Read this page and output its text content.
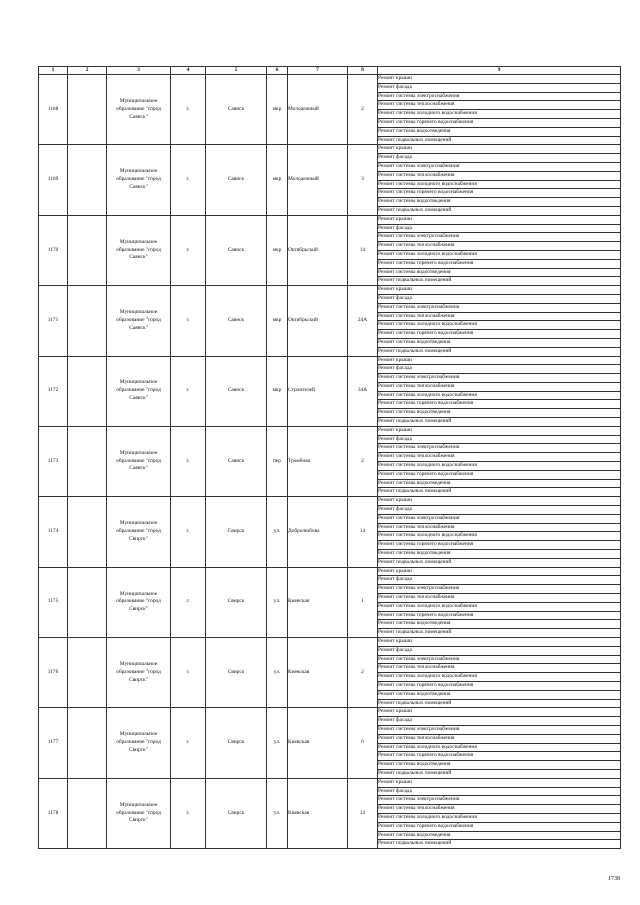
1	2	3	4	5	6	7	8	9
1168		Муниципальное образование "город Саянск"	г.	Саянск	мкр	Молодежный	2	Ремонт крыши
								Ремонт фасада
								Ремонт системы электроснабжения
								Ремонт системы теплоснабжения
								Ремонт системы холодного водоснабжения
								Ремонт системы горячего водоснабжения
								Ремонт системы водоотведения
								Ремонт подвальных помещений
1169		Муниципальное образование "город Саянск"	г.	Саянск	мкр	Молодежный	3	Ремонт крыши
								Ремонт фасада
								Ремонт системы электроснабжения
								Ремонт системы теплоснабжения
								Ремонт системы холодного водоснабжения
								Ремонт системы горячего водоснабжения
								Ремонт системы водоотведения
								Ремонт подвальных помещений
1170		Муниципальное образование "город Саянск"	г.	Саянск	мкр	Октябрьский	14	Ремонт крыши
								Ремонт фасада
								Ремонт системы электроснабжения
								Ремонт системы теплоснабжения
								Ремонт системы холодного водоснабжения
								Ремонт системы горячего водоснабжения
								Ремонт системы водоотведения
								Ремонт подвальных помещений
1171		Муниципальное образование "город Саянск"	г.	Саянск	мкр	Октябрьский	24А	Ремонт крыши
								Ремонт фасада
								Ремонт системы электроснабжения
								Ремонт системы теплоснабжения
								Ремонт системы холодного водоснабжения
								Ремонт системы горячего водоснабжения
								Ремонт системы водоотведения
								Ремонт подвальных помещений
1172		Муниципальное образование "город Саянск"	г.	Саянск	мкр	Строителей	34А	Ремонт крыши
								Ремонт фасада
								Ремонт системы электроснабжения
								Ремонт системы теплоснабжения
								Ремонт системы холодного водоснабжения
								Ремонт системы горячего водоснабжения
								Ремонт системы водоотведения
								Ремонт подвальных помещений
1173		Муниципальное образование "город Саянск"	г.	Саянск	пер	Тромбова	2	Ремонт крыши
								Ремонт фасада
								Ремонт системы электроснабжения
								Ремонт системы теплоснабжения
								Ремонт системы холодного водоснабжения
								Ремонт системы горячего водоснабжения
								Ремонт системы водоотведения
								Ремонт подвальных помещений
1174		Муниципальное образование "город Свирск"	г.	Свирск	ул.	Добролюбова	14	Ремонт крыши
								Ремонт фасада
								Ремонт системы электроснабжения
								Ремонт системы теплоснабжения
								Ремонт системы холодного водоснабжения
								Ремонт системы горячего водоснабжения
								Ремонт системы водоотведения
								Ремонт подвальных помещений
1175		Муниципальное образование "город Свирск"	г.	Свирск	ул.	Киевская	1	Ремонт крыши
								Ремонт фасада
								Ремонт системы электроснабжения
								Ремонт системы теплоснабжения
								Ремонт системы холодного водоснабжения
								Ремонт системы горячего водоснабжения
								Ремонт системы водоотведения
								Ремонт подвальных помещений
1176		Муниципальное образование "город Свирск"	г.	Свирск	ул.	Киевская	2	Ремонт крыши
								Ремонт фасада
								Ремонт системы электроснабжения
								Ремонт системы теплоснабжения
								Ремонт системы холодного водоснабжения
								Ремонт системы горячего водоснабжения
								Ремонт системы водоотведения
								Ремонт подвальных помещений
1177		Муниципальное образование "город Свирск"	г.	Свирск	ул.	Киевская	6	Ремонт крыши
								Ремонт фасада
								Ремонт системы электроснабжения
								Ремонт системы теплоснабжения
								Ремонт системы холодного водоснабжения
								Ремонт системы горячего водоснабжения
								Ремонт системы водоотведения
								Ремонт подвальных помещений
1178		Муниципальное образование "город Свирск"	г.	Свирск	ул.	Киевская	12	Ремонт крыши
								Ремонт фасада
								Ремонт системы электроснабжения
								Ремонт системы теплоснабжения
								Ремонт системы холодного водоснабжения
								Ремонт системы горячего водоснабжения
								Ремонт системы водоотведения
								Ремонт подвальных помещений
1738
